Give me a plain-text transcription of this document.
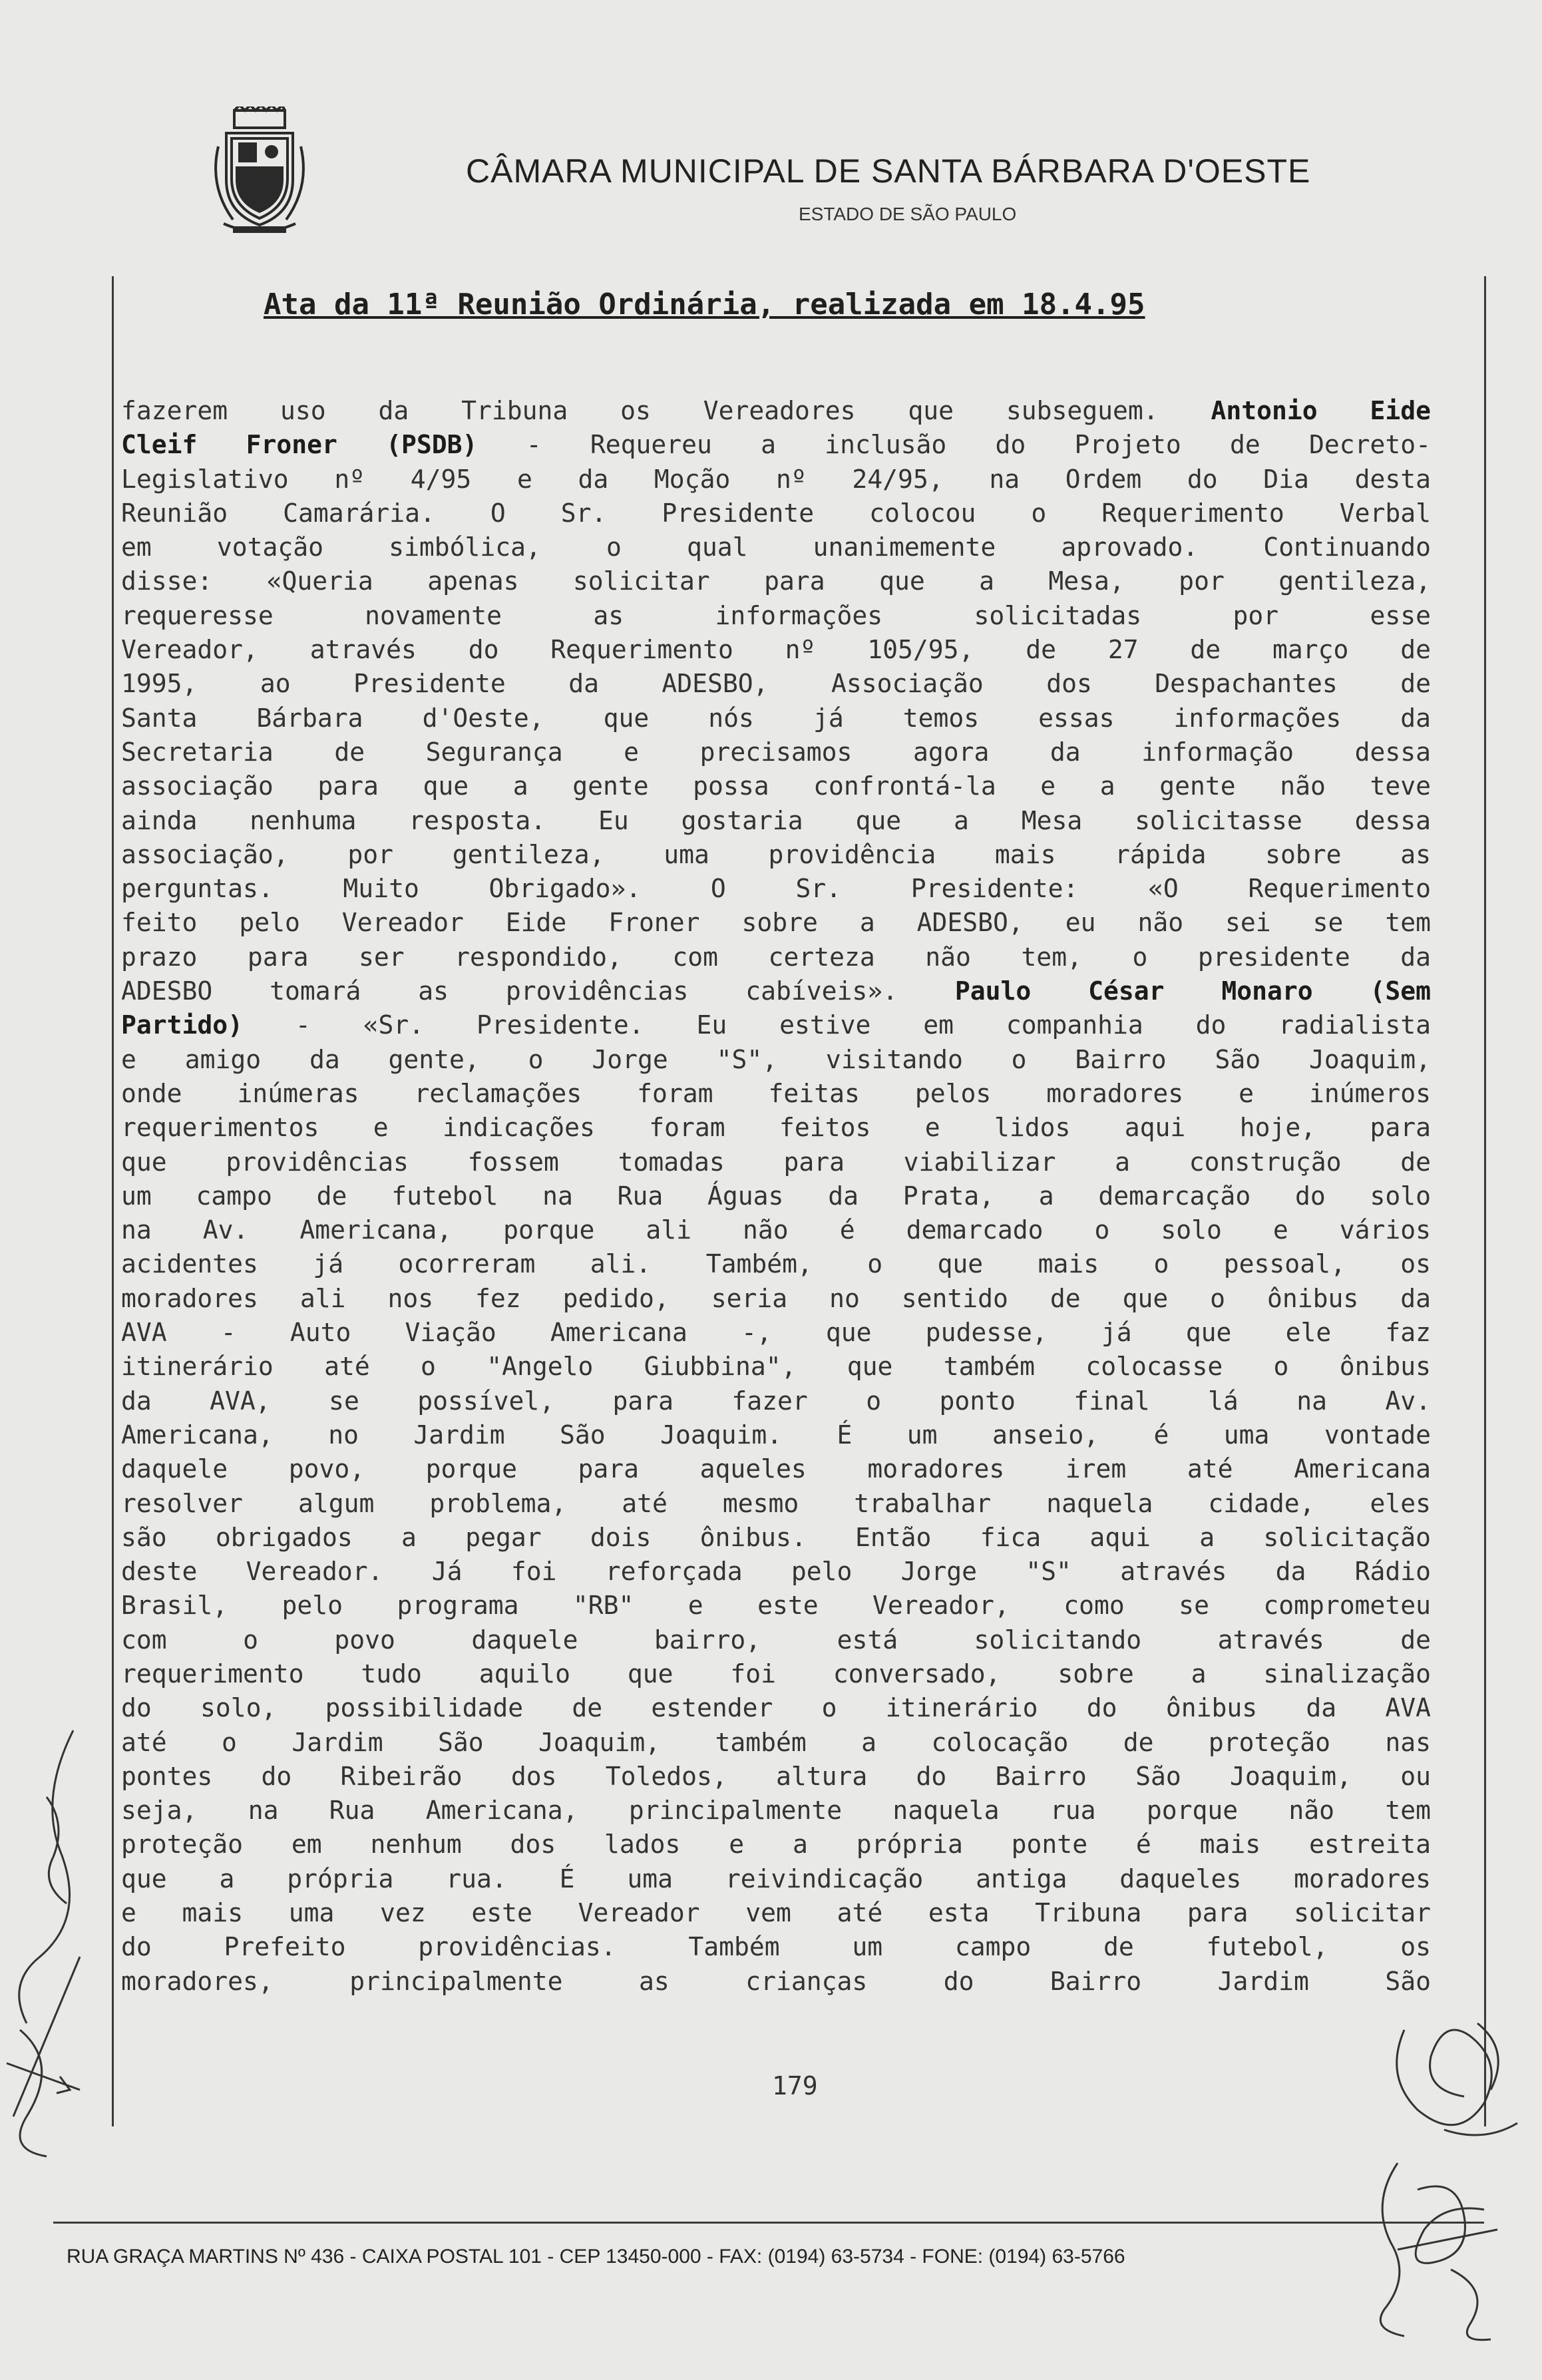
CÂMARA MUNICIPAL DE SANTA BÁRBARA D'OESTE
ESTADO DE SÃO PAULO
Ata da 11ª Reunião Ordinária, realizada em 18.4.95
fazerem uso da Tribuna os Vereadores que subseguem. Antonio Eide
Cleif Froner (PSDB) - Requereu a inclusão do Projeto de Decreto-
Legislativo nº 4/95 e da Moção nº 24/95, na Ordem do Dia desta
Reunião Camarária. O Sr. Presidente colocou o Requerimento Verbal
em votação simbólica, o qual unanimemente aprovado. Continuando
disse: «Queria apenas solicitar para que a Mesa, por gentileza,
requeresse novamente as informações solicitadas por esse
Vereador, através do Requerimento nº 105/95, de 27 de março de
1995, ao Presidente da ADESBO, Associação dos Despachantes de
Santa Bárbara d'Oeste, que nós já temos essas informações da
Secretaria de Segurança e precisamos agora da informação dessa
associação para que a gente possa confrontá-la e a gente não teve
ainda nenhuma resposta. Eu gostaria que a Mesa solicitasse dessa
associação, por gentileza, uma providência mais rápida sobre as
perguntas. Muito Obrigado». O Sr. Presidente: «O Requerimento
feito pelo Vereador Eide Froner sobre a ADESBO, eu não sei se tem
prazo para ser respondido, com certeza não tem, o presidente da
ADESBO tomará as providências cabíveis». Paulo César Monaro (Sem
Partido) - «Sr. Presidente. Eu estive em companhia do radialista
e amigo da gente, o Jorge "S", visitando o Bairro São Joaquim,
onde inúmeras reclamações foram feitas pelos moradores e inúmeros
requerimentos e indicações foram feitos e lidos aqui hoje, para
que providências fossem tomadas para viabilizar a construção de
um campo de futebol na Rua Águas da Prata, a demarcação do solo
na Av. Americana, porque ali não é demarcado o solo e vários
acidentes já ocorreram ali. Também, o que mais o pessoal, os
moradores ali nos fez pedido, seria no sentido de que o ônibus da
AVA - Auto Viação Americana -, que pudesse, já que ele faz
itinerário até o "Angelo Giubbina", que também colocasse o ônibus
da AVA, se possível, para fazer o ponto final lá na Av.
Americana, no Jardim São Joaquim. É um anseio, é uma vontade
daquele povo, porque para aqueles moradores irem até Americana
resolver algum problema, até mesmo trabalhar naquela cidade, eles
são obrigados a pegar dois ônibus. Então fica aqui a solicitação
deste Vereador. Já foi reforçada pelo Jorge "S" através da Rádio
Brasil, pelo programa "RB" e este Vereador, como se comprometeu
com o povo daquele bairro, está solicitando através de
requerimento tudo aquilo que foi conversado, sobre a sinalização
do solo, possibilidade de estender o itinerário do ônibus da AVA
até o Jardim São Joaquim, também a colocação de proteção nas
pontes do Ribeirão dos Toledos, altura do Bairro São Joaquim, ou
seja, na Rua Americana, principalmente naquela rua porque não tem
proteção em nenhum dos lados e a própria ponte é mais estreita
que a própria rua. É uma reivindicação antiga daqueles moradores
e mais uma vez este Vereador vem até esta Tribuna para solicitar
do Prefeito providências. Também um campo de futebol, os
moradores, principalmente as crianças do Bairro Jardim São
179
RUA GRAÇA MARTINS Nº 436 - CAIXA POSTAL 101 - CEP 13450-000 - FAX: (0194) 63-5734 - FONE: (0194) 63-5766
